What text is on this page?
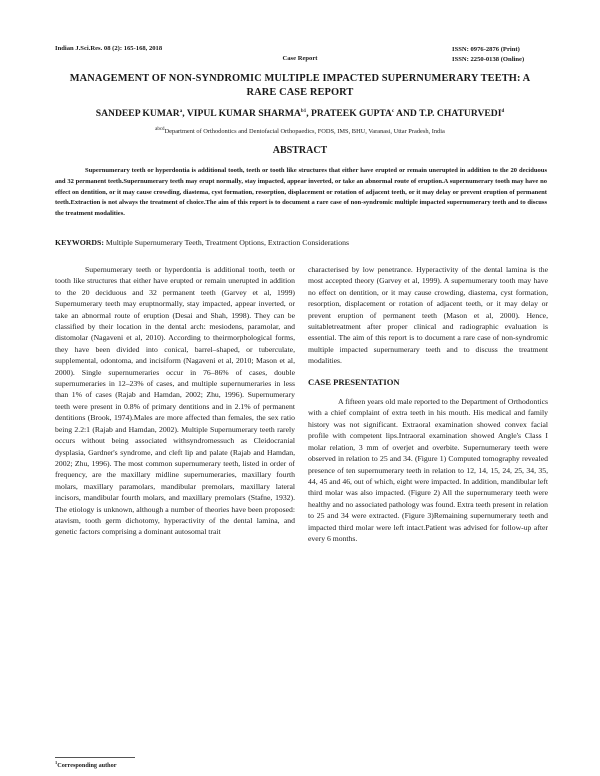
Indian J.Sci.Res. 08 (2): 165-168, 2018
Case Report
ISSN: 0976-2876 (Print)
ISSN: 2250-0138 (Online)
MANAGEMENT OF NON-SYNDROMIC MULTIPLE IMPACTED SUPERNUMERARY TEETH: A RARE CASE REPORT
SANDEEP KUMAR$^a$, VIPUL KUMAR $SHARMA^{b1}$, PRATEEK GUPTA$^c$ AND T.P. CHATURVEDI$^d$
$^{abcd}$Department of Orthodontics and Dentofacial Orthopaedics, FODS, IMS, BHU, Varanasi, Uttar Pradesh, India
ABSTRACT
Supernumerary teeth or hyperdontia is additional tooth, teeth or tooth like structures that either have erupted or remain unerupted in addition to the 20 deciduous and 32 permanent teeth.Supernumerary teeth may erupt normally, stay impacted, appear inverted, or take an abnormal route of eruption.A supernumerary tooth may have no effect on dentition, or it may cause crowding, diastema, cyst formation, resorption, displacement or rotation of adjacent teeth, or it may delay or prevent eruption of permanent teeth.Extraction is not always the treatment of choice.The aim of this report is to document a rare case of non-syndromic multiple impacted supernumerary teeth and to discuss the treatment modalities.
KEYWORDS: Multiple Supernumerary Teeth, Treatment Options, Extraction Considerations

Supernumerary teeth or hyperdontia is additional tooth, teeth or tooth like structures that either have erupted or remain unerupted in addition to the 20 deciduous and 32 permanent teeth (Garvey et al, 1999) Supernumerary teeth may eruptnormally, stay impacted, appear inverted, or take an abnormal route of eruption (Desai and Shah, 1998). They can be classified by their location in the dental arch: mesiodens, paramolar, and distomolar (Nagaveni et al, 2010). According to theirmorphological forms, they have been divided into conical, barrel–shaped, or tuberculate, supplemental, odontoma, and incisiform (Nagaveni et al, 2010; Mason et al, 2000). Single supernumeraries occur in 76–86% of cases, double supernumeraries in 12–23% of cases, and multiple supernumeraries in less than 1% of cases (Rajab and Hamdan, 2002; Zhu, 1996). Supernumerary teeth were present in 0.8% of primary dentitions and in 2.1% of permanent dentitions (Brook, 1974).Males are more affected than females, the sex ratio being 2.2:1 (Rajab and Hamdan, 2002). Multiple Supernumerary teeth rarely occurs without being associated withsyndromessuch as Cleidocranial dysplasia, Gardner's syndrome, and cleft lip and palate (Rajab and Hamdan, 2002; Zhu, 1996). The most common supernumerary teeth, listed in order of frequency, are the maxillary midline supernumeraries, maxillary fourth molars, maxillary paramolars, mandibular premolars, maxillary lateral incisors, mandibular fourth molars, and maxillary premolars (Stafne, 1932). The etiology is unknown, although a number of theories have been proposed: atavism, tooth germ dichotomy, hyperactivity of the dental lamina, and genetic factors comprising a dominant autosomal trait

characterised by low penetrance. Hyperactivity of the dental lamina is the most accepted theory (Garvey et al, 1999). A supernumerary tooth may have no effect on dentition, or it may cause crowding, diastema, cyst formation, resorption, displacement or rotation of adjacent teeth, or it may delay or prevent eruption of permanent teeth (Mason et al, 2000). Hence, suitabletreatment after proper clinical and radiographic evaluation is essential. The aim of this report is to document a rare case of non-syndromic multiple impacted supernumerary teeth and to discuss the treatment modalities.

CASE PRESENTATION

A fifteen years old male reported to the Department of Orthodontics with a chief complaint of extra teeth in his mouth. His medical and family history was not significant. Extraoral examination showed convex facial profile with competent lips.Intraoral examination showed Angle's Class I molar relation, 3 mm of overjet and overbite. Supernumerary teeth were observed in relation to 25 and 34. (Figure 1) Computed tomography revealed presence of ten supernumerary teeth in relation to 12, 14, 15, 24, 25, 34, 35, 44, 45 and 46, out of which, eight were impacted. In addition, mandibular left third molar was also impacted. (Figure 2) All the supernumerary teeth were healthy and no associated pathology was found. Extra teeth present in relation to 25 and 34 were extracted. (Figure 3)Remaining supernumerary teeth and impacted third molar were left intact.Patient was advised for follow-up after every 6 months.

$^1$Corresponding author
